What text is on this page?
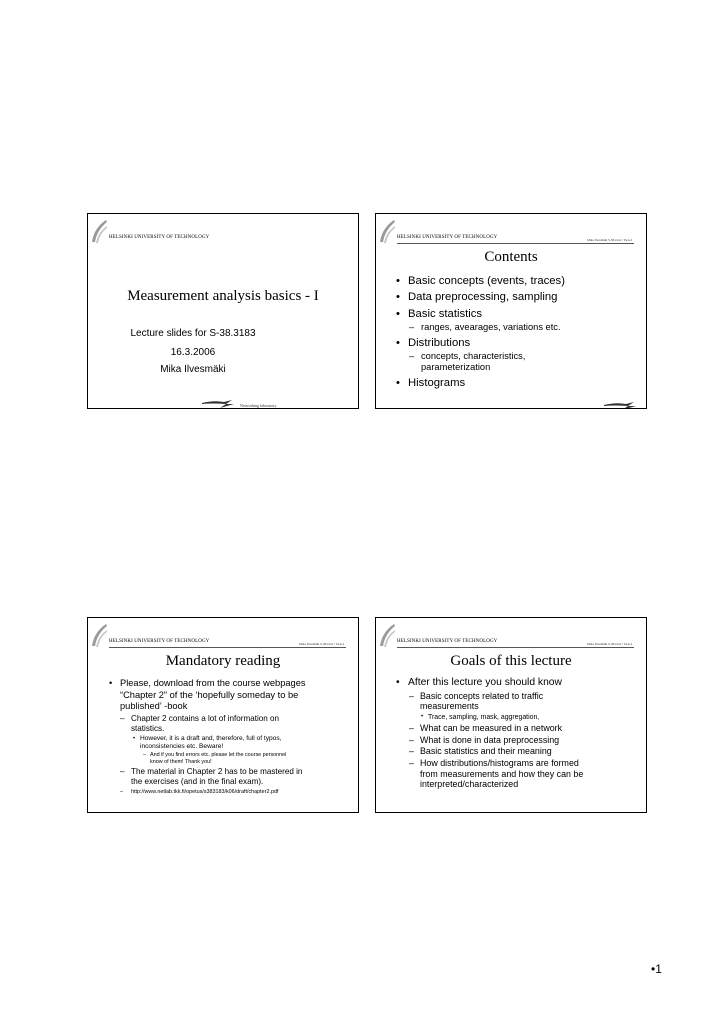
HELSINKI UNIVERSITY OF TECHNOLOGY
Measurement analysis basics - I
Lecture slides for S-38.3183
16.3.2006
Mika Ilvesmäki
Networking laboratory
HELSINKI UNIVERSITY OF TECHNOLOGY	Mika Ilvesmäki S-38.xxxx / Tk-k-I
Contents
• Basic concepts (events, traces)
• Data preprocessing, sampling
• Basic statistics
– ranges, avearages, variations etc.
• Distributions
– concepts, characteristics,
parameterization
• Histograms
HELSINKI UNIVERSITY OF TECHNOLOGY	Mika Ilvesmäki S-38.xxxx / Tk-k-I
Mandatory reading
• Please, download from the course webpages
“Chapter 2” of the ‘hopefully someday to be
published’ -book
– Chapter 2 contains a lot of information on
statistics.
• However, it is a draft and, therefore, full of typos,
inconsistencies etc. Beware!
– And if you find errors etc. please let the course personnel
know of them! Thank you!
– The material in Chapter 2 has to be mastered in
the exercises (and in the final exam).
– http://www.netlab.tkk.fi/opetus/s383183/k06/draft/chapter2.pdf
HELSINKI UNIVERSITY OF TECHNOLOGY	Mika Ilvesmäki S-38.xxxx / Tk-k-I
Goals of this lecture
• After this lecture you should know
– Basic concepts related to traffic
measurements
• Trace, sampling, mask, aggregation,
– What can be measured in a network
– What is done in data preprocessing
– Basic statistics and their meaning
– How distributions/histograms are formed
from measurements and how they can be
interpreted/characterized
•1
